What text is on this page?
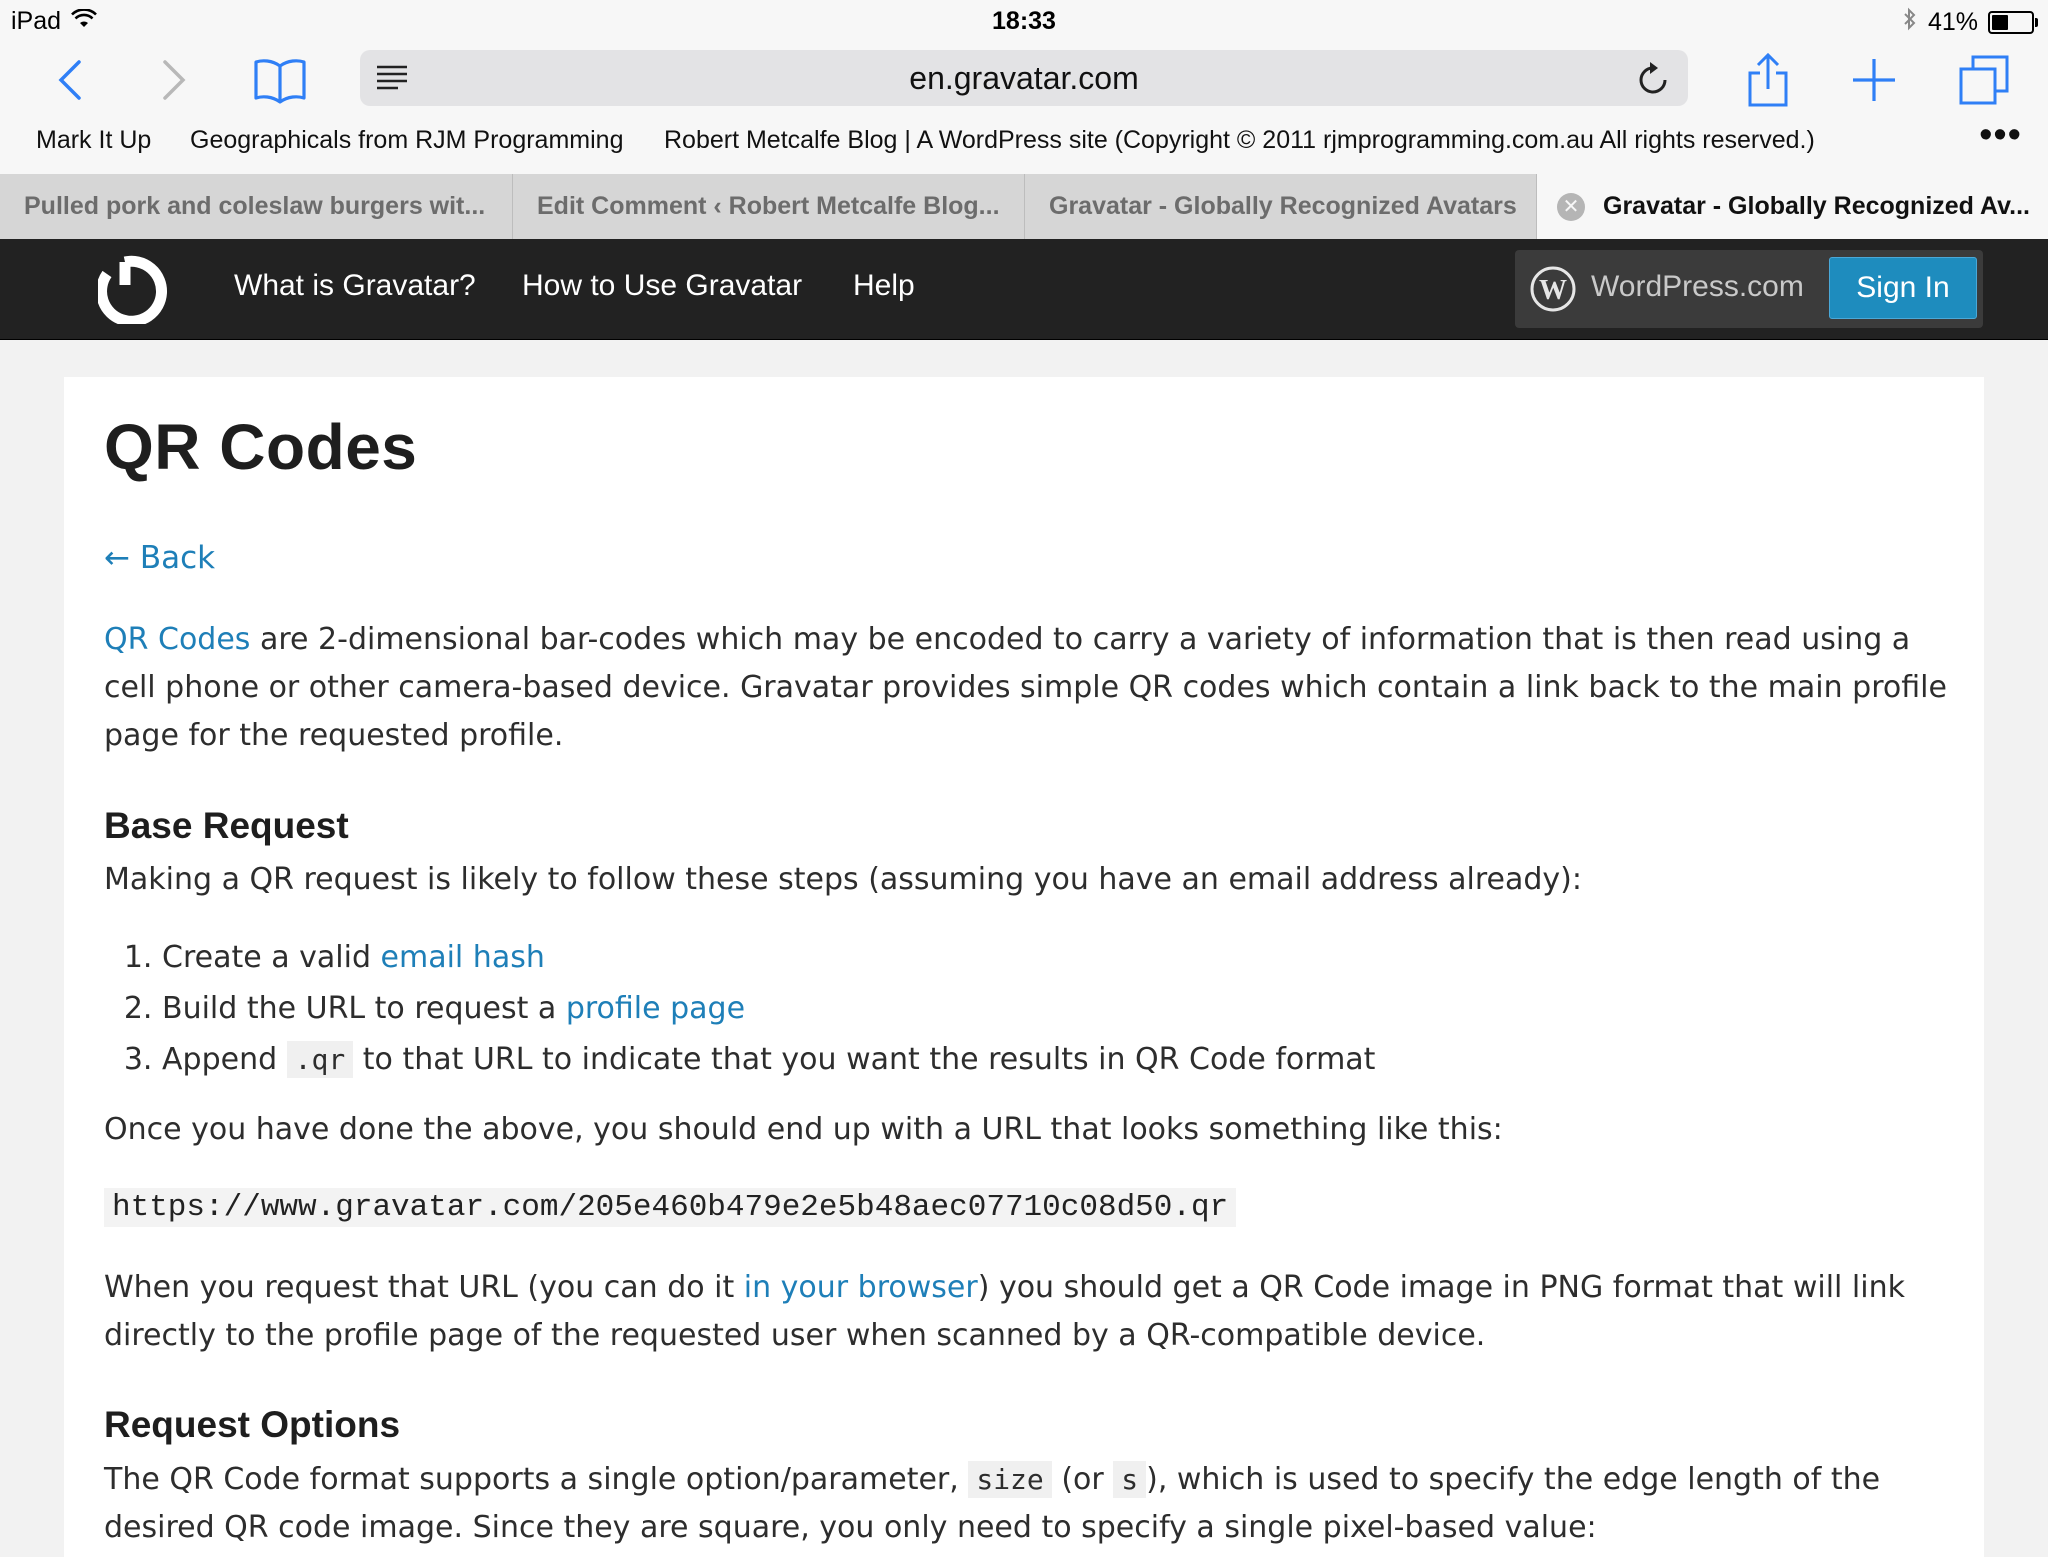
iPad	18:33	41%
en.gravatar.com
Mark It Up Geographicals from RJM Programming Robert Metcalfe Blog | A WordPress site (Copyright © 2011 rjmprogramming.com.au All rights reserved.)	•••
Pulled pork and coleslaw burgers wit... Edit Comment ‹ Robert Metcalfe Blog... Gravatar - Globally Recognized Avatars ✕ Gravatar - Globally Recognized Av...
What is Gravatar? How to Use Gravatar Help	W WordPress.com	Sign In
QR Codes
← Back

QR Codes are 2-dimensional bar-codes which may be encoded to carry a variety of information that is then read using a cell phone or other camera-based device. Gravatar provides simple QR codes which contain a link back to the main profile page for the requested profile.

Base Request

Making a QR request is likely to follow these steps (assuming you have an email address already):

1. Create a valid email hash
2. Build the URL to request a profile page
3. Append .qr to that URL to indicate that you want the results in QR Code format

Once you have done the above, you should end up with a URL that looks something like this:

https://www.gravatar.com/205e460b479e2e5b48aec07710c08d50.qr

When you request that URL (you can do it in your browser) you should get a QR Code image in PNG format that will link directly to the profile page of the requested user when scanned by a QR-compatible device.

Request Options

The QR Code format supports a single option/parameter, size (or s ), which is used to specify the edge length of the desired QR code image. Since they are square, you only need to specify a single pixel-based value:
